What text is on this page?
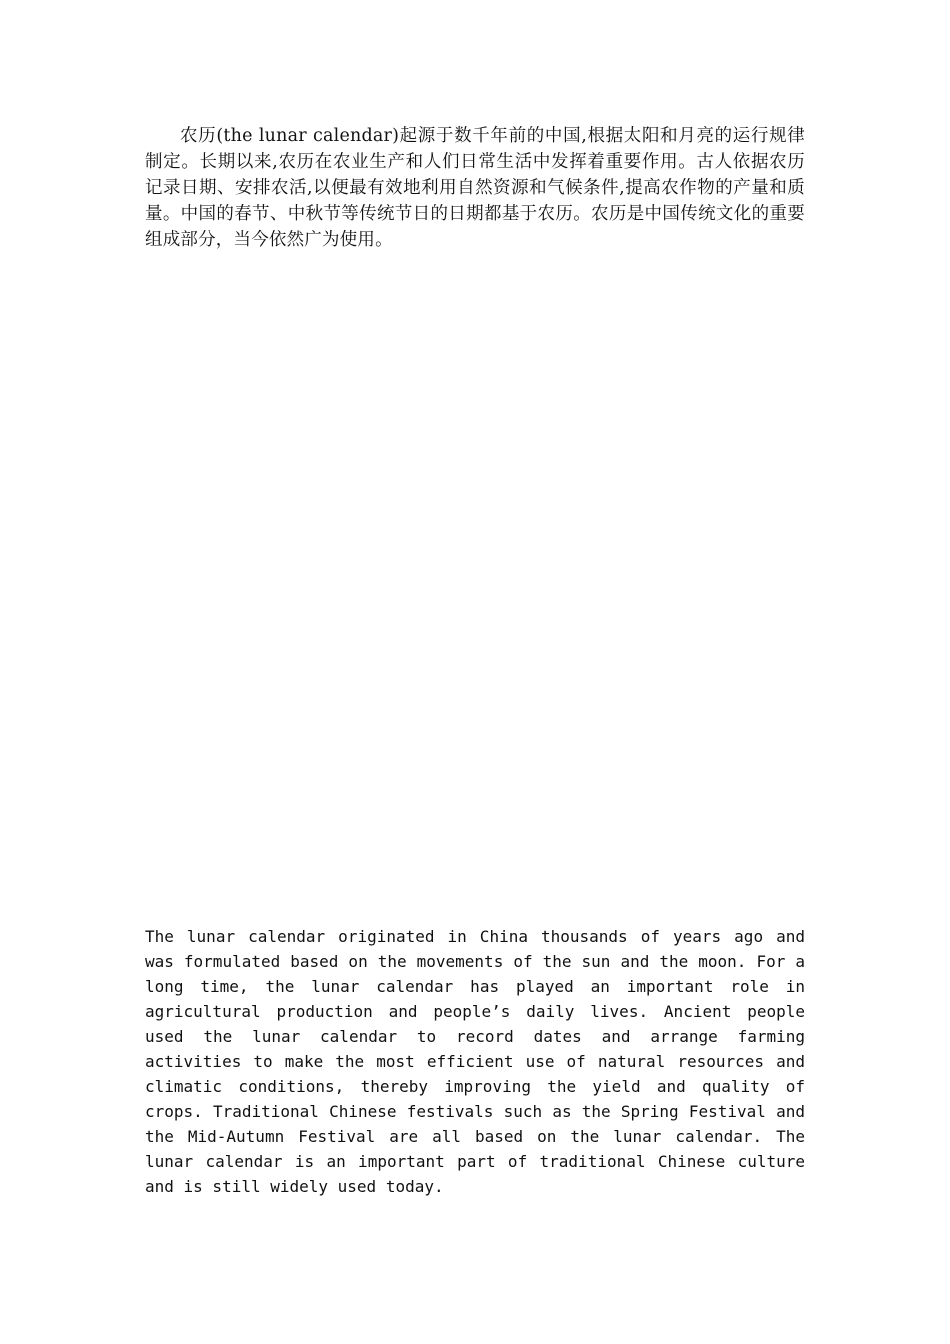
农历(the lunar calendar)起源于数千年前的中国,根据太阳和月亮的运行规律制定。长期以来,农历在农业生产和人们日常生活中发挥着重要作用。古人依据农历记录日期、安排农活,以便最有效地利用自然资源和气候条件,提高农作物的产量和质量。中国的春节、中秋节等传统节日的日期都基于农历。农历是中国传统文化的重要组成部分，当今依然广为使用。

The lunar calendar originated in China thousands of years ago and was formulated based on the movements of the sun and the moon. For a long time, the lunar calendar has played an important role in agricultural production and people’s daily lives. Ancient people used the lunar calendar to record dates and arrange farming activities to make the most efficient use of natural resources and climatic conditions, thereby improving the yield and quality of crops. Traditional Chinese festivals such as the Spring Festival and the Mid-Autumn Festival are all based on the lunar calendar. The lunar calendar is an important part of traditional Chinese culture and is still widely used today.
